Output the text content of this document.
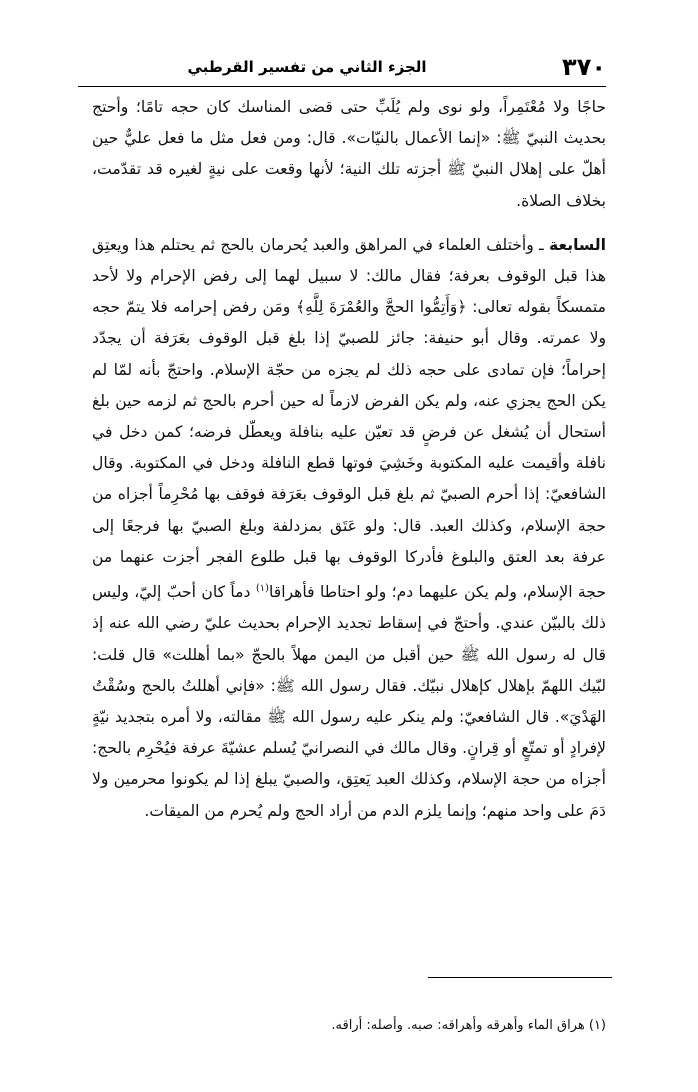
٣٧٠
الجزء الثاني من تفسير القرطبي

حاجًا ولا مُعْتَمِراً، ولو نوى ولم يُلَبِّ حتى قضى المناسك كان حجه تامًا؛ وأحتج بحديث النبيّ ﷺ: «إنما الأعمال بالنيّات». قال: ومن فعل مثل ما فعل عليٌّ حين أهلّ على إهلال النبيّ ﷺ أجزته تلك النية؛ لأنها وقعت على نيةٍ لغيره قد تقدّمت، بخلاف الصلاة.

السابعة ـ وأختلف العلماء في المراهق والعبد يُحرمان بالحج ثم يحتلم هذا ويعتِق هذا قبل الوقوف بعرفة؛ فقال مالك: لا سبيل لهما إلى رفض الإحرام ولا لأحد متمسكاً بقوله تعالى: ﴿وَأَتِمُّوا الحجَّ والعُمْرَةَ لِلَّهِ﴾ ومَن رفض إحرامه فلا يتمّ حجه ولا عمرته. وقال أبو حنيفة: جائز للصبيّ إذا بلغ قبل الوقوف بعَرَفة أن يجدّد إحراماً؛ فإن تمادى على حجه ذلك لم يجزه من حجّة الإسلام. واحتجّ بأنه لمّا لم يكن الحج يجزي عنه، ولم يكن الفرض لازماً له حين أحرم بالحج ثم لزمه حين بلغ أستحال أن يُشغل عن فرضٍ قد تعيّن عليه بنافلة ويعطّل فرضه؛ كمن دخل في نافلة وأقيمت عليه المكتوبة وخَشِيَ فوتها قطع النافلة ودخل في المكتوبة. وقال الشافعيّ: إذا أحرم الصبيّ ثم بلغ قبل الوقوف بعَرَفة فوقف بها مُحْرِماً أجزاه من حجة الإسلام، وكذلك العبد. قال: ولو عَتَق بمزدلفة وبلغ الصبيّ بها فرجعًا إلى عرفة بعد العتق والبلوغ فأدركا الوقوف بها قبل طلوع الفجر أجزت عنهما من حجة الإسلام، ولم يكن عليهما دم؛ ولو احتاطا فأهراقا$^{(١)}$ دماً كان أحبّ إليّ، وليس ذلك بالبيّن عندي. وأحتجّ في إسقاط تجديد الإحرام بحديث عليّ رضي الله عنه إذ قال له رسول الله ﷺ حين أقبل من اليمن مهلاً بالحجّ «بما أهللت» قال قلت: لبّيك اللهمّ بإهلال كإهلال نبيّك. فقال رسول الله ﷺ: «فإني أهللتُ بالحج وسُقْتُ الهَدْيَ». قال الشافعيّ: ولم ينكر عليه رسول الله ﷺ مقالته، ولا أمره بتجديد نيّةٍ لإفرادٍ أو تمتّعٍ أو قِرانٍ. وقال مالك في النصرانيّ يُسلم عشيّةَ عرفة فيُحْرِم بالحج: أجزاه من حجة الإسلام، وكذلك العبد يَعتِق، والصبيّ يبلغ إذا لم يكونوا محرمين ولا دَمَ على واحد منهم؛ وإنما يلزم الدم من أراد الحج ولم يُحرم من الميقات.

(١) هراق الماء وأهرقه وأهراقه: صبه. وأصله: أراقه.
